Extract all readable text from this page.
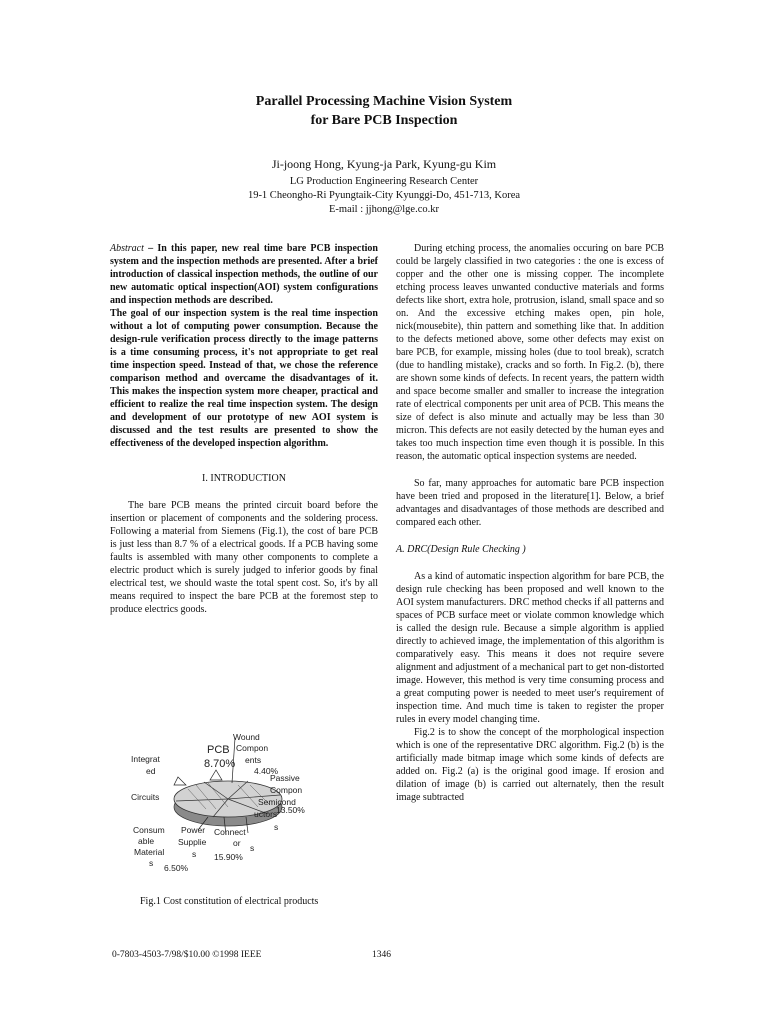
Parallel Processing Machine Vision System
for Bare PCB Inspection
Ji-joong Hong, Kyung-ja Park, Kyung-gu Kim
LG Production Engineering Research Center
19-1 Cheongho-Ri Pyungtaik-City Kyunggi-Do, 451-713, Korea
E-mail : jjhong@lge.co.kr

Abstract – In this paper, new real time bare PCB inspection system and the inspection methods are presented. After a brief introduction of classical inspection methods, the outline of our new automatic optical inspection(AOI) system configurations and inspection methods are described.

The goal of our inspection system is the real time inspection without a lot of computing power consumption. Because the design-rule verification process directly to the image patterns is a time consuming process, it's not appropriate to get real time inspection speed. Instead of that, we chose the reference comparison method and overcame the disadvantages of it. This makes the inspection system more cheaper, practical and efficient to realize the real time inspection system. The design and development of our prototype of new AOI system is discussed and the test results are presented to show the effectiveness of the developed inspection algorithm.

I. INTRODUCTION

The bare PCB means the printed circuit board before the insertion or placement of components and the soldering process. Following a material from Siemens (Fig.1), the cost of bare PCB is just less than 8.7 % of a electrical goods. If a PCB having some faults is assembled with many other components to complete a electric product which is surely judged to inferior goods by final electrical test, we should waste the total spent cost. So, it's by all means required to inspect the bare PCB at the foremost step to produce electrics goods.

Wound
PCB Compon
ents
8.70%
4.40%
Passive
Integrat
ed
Circuits
Compon
Semicond
13.50%
uctors
s
Consum
able
Material
s 6.50%
Power
Supplie
s
Connect
or
15.90%
s
Fig.1 Cost constitution of electrical products

During etching process, the anomalies occuring on bare PCB could be largely classified in two categories : the one is excess of copper and the other one is missing copper. The incomplete etching process leaves unwanted conductive materials and forms defects like short, extra hole, protrusion, island, small space and so on. And the excessive etching makes open, pin hole, nick(mousebite), thin pattern and something like that. In addition to the defects metioned above, some other defects may exist on bare PCB, for example, missing holes (due to tool break), scratch (due to handling mistake), cracks and so forth. In Fig.2. (b), there are shown some kinds of defects. In recent years, the pattern width and space become smaller and smaller to increase the integration rate of electrical components per unit area of PCB. This means the size of defect is also minute and actually may be less than 30 micron. This defects are not easily detected by the human eyes and takes too much inspection time even though it is possible. In this reason, the automatic optical inspection systems are needed.

So far, many approaches for automatic bare PCB inspection have been tried and proposed in the literature[1]. Below, a brief advantages and disadvantages of those methods are described and compared each other.

A. DRC(Design Rule Checking )

As a kind of automatic inspection algorithm for bare PCB, the design rule checking has been proposed and well known to the AOI system manufacturers. DRC method checks if all patterns and spaces of PCB surface meet or violate common knowledge which is called the design rule. Because a simple algorithm is applied directly to achieved image, the implementation of this algorithm is comparatively easy. This means it does not require severe alignment and adjustment of a mechanical part to get non-distorted image. However, this method is very time consuming process and a great computing power is needed to meet user's requirement of inspection time. And much time is taken to register the proper rules in every model changing time.

Fig.2 is to show the concept of the morphological inspection which is one of the representative DRC algorithm. Fig.2 (b) is the artificially made bitmap image which some kinds of defects are added on. Fig.2 (a) is the original good image. If erosion and dilation of image (b) is carried out alternately, then the result image subtracted

0-7803-4503-7/98/$10.00 ©1998 IEEE	1346
